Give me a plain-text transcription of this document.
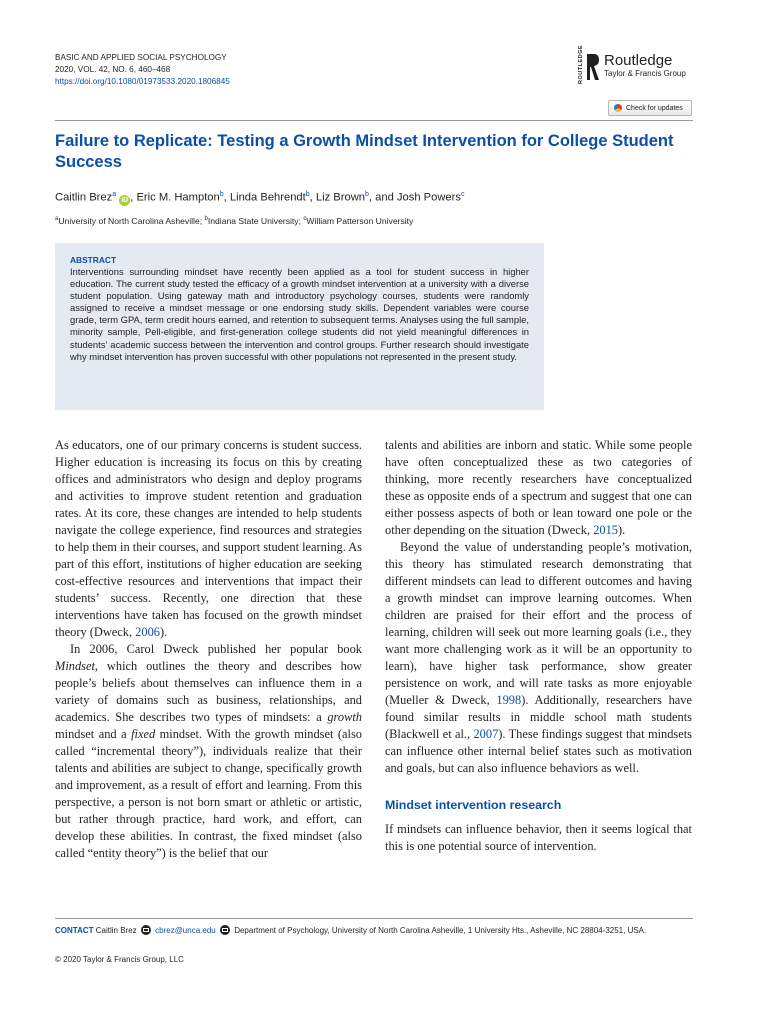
BASIC AND APPLIED SOCIAL PSYCHOLOGY
2020, VOL. 42, NO. 6, 460–468
https://doi.org/10.1080/01973533.2020.1806845	ROUTLEDGE Routledge
Taylor & Francis Group
Check for updates
Failure to Replicate: Testing a Growth Mindset Intervention for College Student Success
Caitlin Brez$^a$ iD , Eric M. Hampton$^b$, Linda Behrendt$^b$, Liz Brown$^b$, and Josh Powers$^c$
$^a$University of North Carolina Asheville; $^b$Indiana State University; $^c$William Patterson University
ABSTRACT
Interventions surrounding mindset have recently been applied as a tool for student success in higher education. The current study tested the efficacy of a growth mindset intervention at a university with a diverse student population. Using gateway math and introductory psychology courses, students were randomly assigned to receive a mindset message or one endorsing study skills. Dependent variables were course grade, term GPA, term credit hours earned, and retention to subsequent terms. Analyses using the full sample, minority sample, Pell-eligible, and first-generation college students did not yield meaningful differences in students’ academic success between the intervention and control groups. Further research should investigate why mindset intervention has proven successful with other populations not represented in the present study.

As educators, one of our primary concerns is student success. Higher education is increasing its focus on this by creating offices and administrators who design and deploy programs and activities to improve student retention and graduation rates. At its core, these changes are intended to help students navigate the college experience, find resources and strategies to help them in their courses, and support student learning. As part of this effort, institutions of higher education are seeking cost-effective resources and interventions that impact their students’ success. Recently, one direction that these interventions have taken has focused on the growth mindset theory (Dweck, 2006).

In 2006, Carol Dweck published her popular book Mindset, which outlines the theory and describes how people’s beliefs about themselves can influence them in a variety of domains such as business, relationships, and academics. She describes two types of mindsets: a growth mindset and a fixed mindset. With the growth mindset (also called “incremental theory”), individuals realize that their talents and abilities are subject to change, specifically growth and improvement, as a result of effort and learning. From this perspective, a person is not born smart or athletic or artistic, but rather through practice, hard work, and effort, can develop these abilities. In contrast, the fixed mindset (also called “entity theory”) is the belief that our

talents and abilities are inborn and static. While some people have often conceptualized these as two categories of thinking, more recently researchers have conceptualized these as opposite ends of a spectrum and suggest that one can either possess aspects of both or lean toward one pole or the other depending on the situation (Dweck, 2015).

Beyond the value of understanding people’s motivation, this theory has stimulated research demonstrating that different mindsets can lead to different outcomes and having a growth mindset can improve learning outcomes. When children are praised for their effort and the process of learning, children will seek out more learning goals (i.e., they want more challenging work as it will be an opportunity to learn), have higher task performance, show greater persistence on work, and will rate tasks as more enjoyable (Mueller & Dweck, 1998). Additionally, researchers have found similar results in middle school math students (Blackwell et al., 2007). These findings suggest that mindsets can influence other internal belief states such as motivation and goals, but can also influence behaviors as well.

Mindset intervention research

If mindsets can influence behavior, then it seems logical that this is one potential source of intervention.

CONTACT Caitlin Brez cbrez@unca.edu Department of Psychology, University of North Carolina Asheville, 1 University Hts., Asheville, NC 28804-3251, USA.
© 2020 Taylor & Francis Group, LLC
